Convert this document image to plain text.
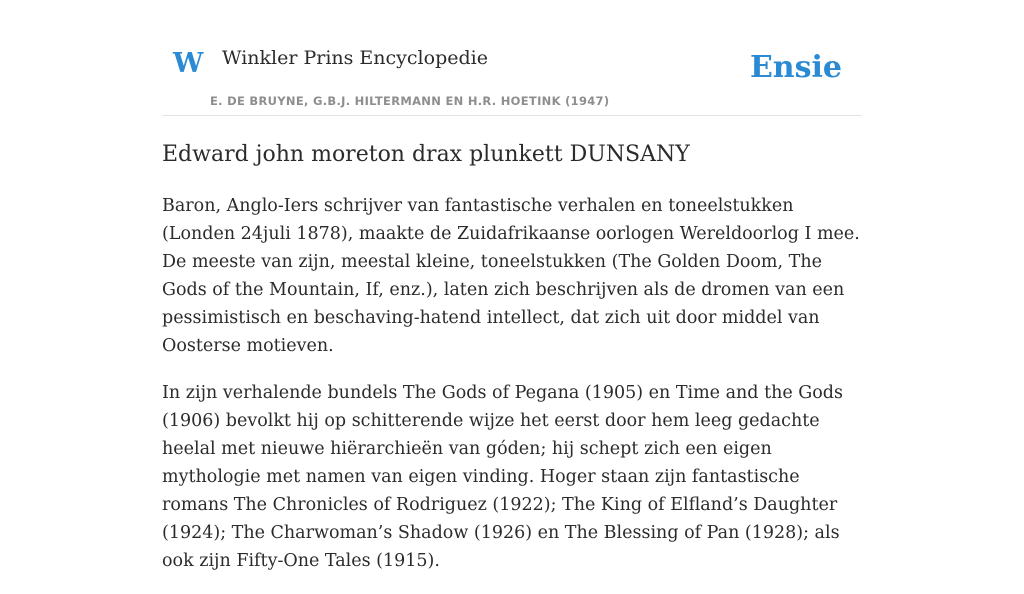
W Winkler Prins Encyclopedie
E. DE BRUYNE, G.B.J. HILTERMANN EN H.R. HOETINK (1947)
Ensie
Edward john moreton drax plunkett DUNSANY

Baron, Anglo-Iers schrijver van fantastische verhalen en toneelstukken (Londen 24juli 1878), maakte de Zuidafrikaanse oorlogen Wereldoorlog I mee. De meeste van zijn, meestal kleine, toneelstukken (The Golden Doom, The Gods of the Mountain, If, enz.), laten zich beschrijven als de dromen van een pessimistisch en beschaving-hatend intellect, dat zich uit door middel van Oosterse motieven.

In zijn verhalende bundels The Gods of Pegana (1905) en Time and the Gods (1906) bevolkt hij op schitterende wijze het eerst door hem leeg gedachte heelal met nieuwe hiërarchieën van góden; hij schept zich een eigen mythologie met namen van eigen vinding. Hoger staan zijn fantastische romans The Chronicles of Rodriguez (1922); The King of Elfland’s Daughter (1924); The Charwoman’s Shadow (1926) en The Blessing of Pan (1928); als ook zijn Fifty-One Tales (1915).
